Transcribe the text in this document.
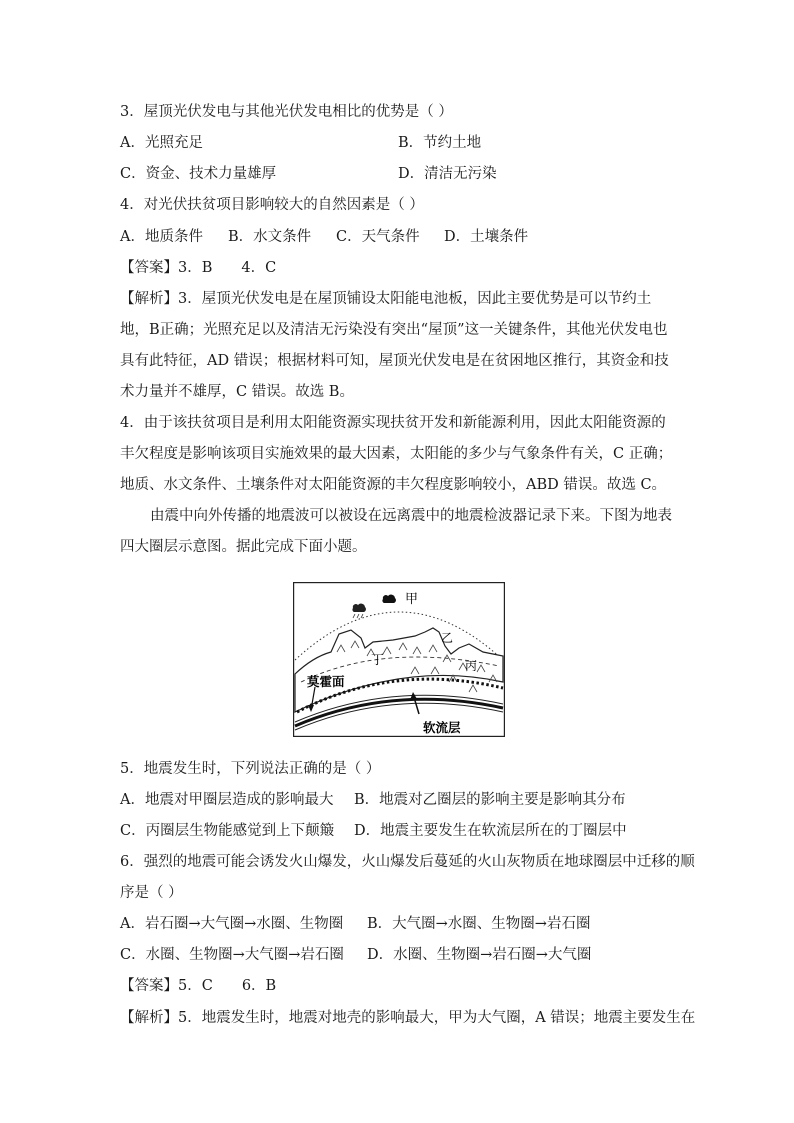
3．屋顶光伏发电与其他光伏发电相比的优势是（ ）
A．光照充足	B．节约土地
C．资金、技术力量雄厚	D．清洁无污染
4．对光伏扶贫项目影响较大的自然因素是（ ）
A．地质条件 B．水文条件 C．天气条件 D．土壤条件
【答案】3．B　　4．C
【解析】3．屋顶光伏发电是在屋顶铺设太阳能电池板，因此主要优势是可以节约土地，B正确；光照充足以及清洁无污染没有突出“屋顶”这一关键条件，其他光伏发电也具有此特征，AD 错误；根据材料可知，屋顶光伏发电是在贫困地区推行，其资金和技术力量并不雄厚，C 错误。故选 B。
4．由于该扶贫项目是利用太阳能资源实现扶贫开发和新能源利用，因此太阳能资源的丰欠程度是影响该项目实施效果的最大因素，太阳能的多少与气象条件有关，C 正确；地质、水文条件、土壤条件对太阳能资源的丰欠程度影响较小，ABD 错误。故选 C。
由震中向外传播的地震波可以被设在远离震中的地震检波器记录下来。下图为地表四大圈层示意图。据此完成下面小题。
甲
乙
丙
丁
莫霍面
软流层
5．地震发生时，下列说法正确的是（ ）
A．地震对甲圈层造成的影响最大 B．地震对乙圈层的影响主要是影响其分布
C．丙圈层生物能感觉到上下颠簸 D．地震主要发生在软流层所在的丁圈层中
6．强烈的地震可能会诱发火山爆发，火山爆发后蔓延的火山灰物质在地球圈层中迁移的顺
序是（ ）
A．岩石圈→大气圈→水圈、生物圈 B．大气圈→水圈、生物圈→岩石圈
C．水圈、生物圈→大气圈→岩石圈 D．水圈、生物圈→岩石圈→大气圈
【答案】5．C　　6．B
【解析】5．地震发生时，地震对地壳的影响最大，甲为大气圈，A 错误；地震主要发生在
